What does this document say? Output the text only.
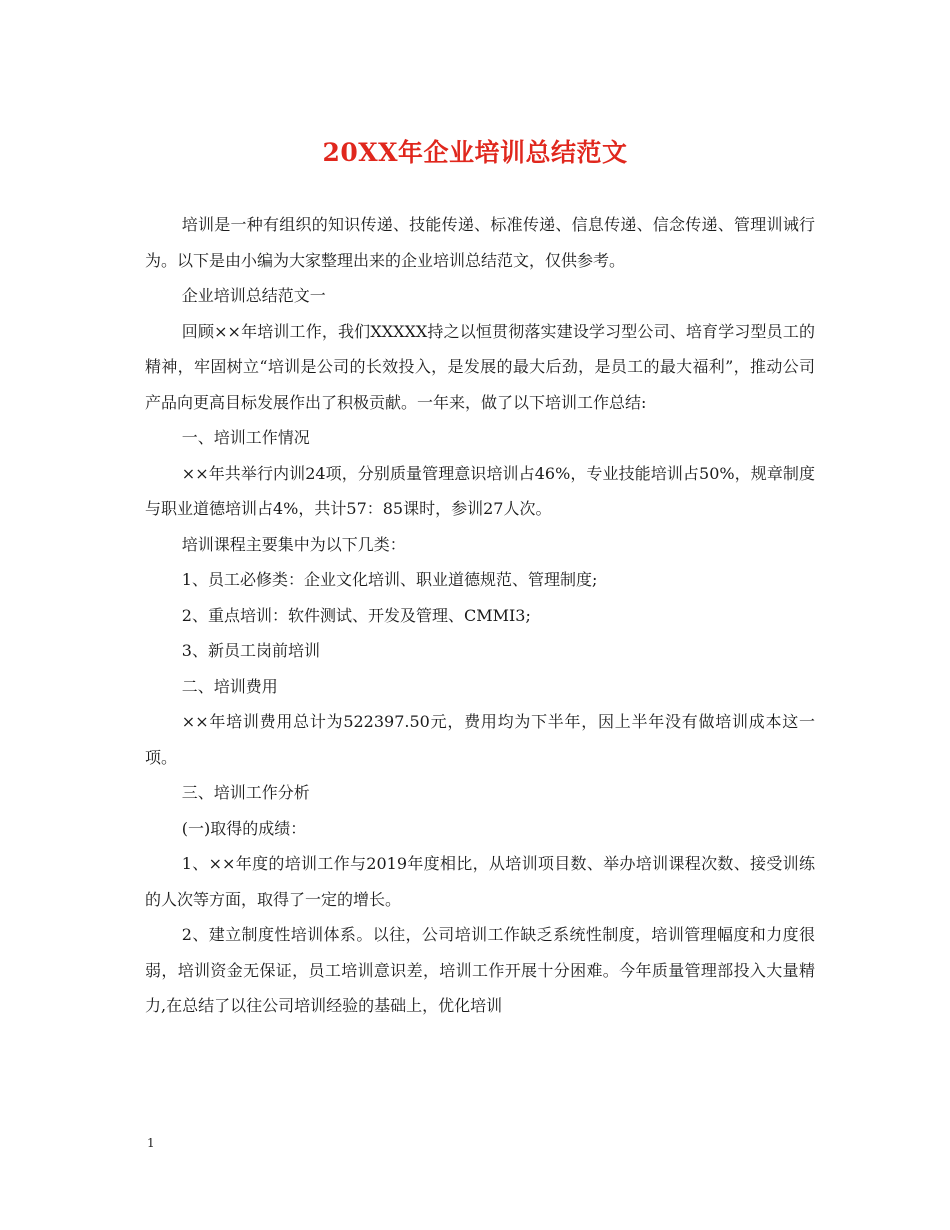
20XX年企业培训总结范文

培训是一种有组织的知识传递、技能传递、标准传递、信息传递、信念传递、管理训诫行为。以下是由小编为大家整理出来的企业培训总结范文，仅供参考。

企业培训总结范文一

回顾××年培训工作，我们XXXXX持之以恒贯彻落实建设学习型公司、培育学习型员工的精神，牢固树立“培训是公司的长效投入，是发展的最大后劲，是员工的最大福利”，推动公司产品向更高目标发展作出了积极贡献。一年来，做了以下培训工作总结:

一、培训工作情况

××年共举行内训24项，分别质量管理意识培训占46%，专业技能培训占50%，规章制度与职业道德培训占4%，共计57：85课时，参训27人次。

培训课程主要集中为以下几类：

1、员工必修类：企业文化培训、职业道德规范、管理制度;

2、重点培训：软件测试、开发及管理、CMMI3;

3、新员工岗前培训

二、培训费用

××年培训费用总计为522397.50元，费用均为下半年，因上半年没有做培训成本这一项。

三、培训工作分析

(一)取得的成绩：

1、××年度的培训工作与2019年度相比，从培训项目数、举办培训课程次数、接受训练的人次等方面，取得了一定的增长。

2、建立制度性培训体系。以往，公司培训工作缺乏系统性制度，培训管理幅度和力度很弱，培训资金无保证，员工培训意识差，培训工作开展十分困难。今年质量管理部投入大量精力,在总结了以往公司培训经验的基础上，优化培训

1
